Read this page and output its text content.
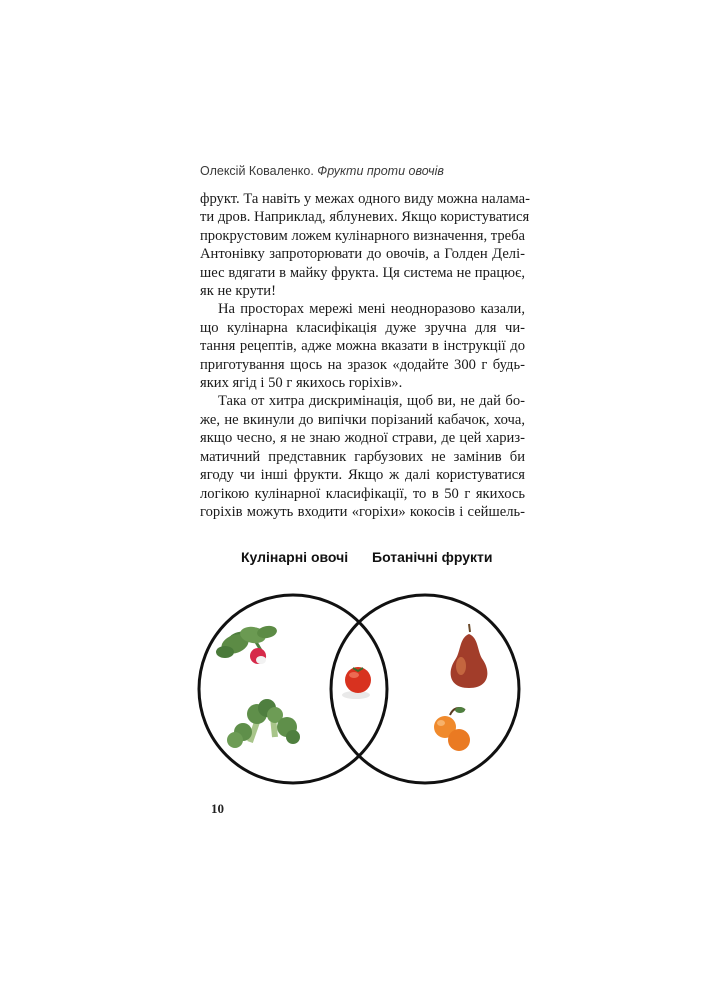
Олексій Коваленко. Фрукти проти овочів
фрукт. Та навіть у межах одного виду можна налама-
ти дров. Наприклад, яблуневих. Якщо користуватися
прокрустовим ложем кулінарного визначення, треба
Антонівку запроторювати до овочів, а Голден Делі-
шес вдягати в майку фрукта. Ця система не працює,
як не крути!
На просторах мережі мені неодноразово казали,
що кулінарна класифікація дуже зручна для чи-
тання рецептів, адже можна вказати в інструкції до
приготування щось на зразок «додайте 300 г будь-
яких ягід і 50 г якихось горіхів».
Така от хитра дискримінація, щоб ви, не дай бо-
же, не вкинули до випічки порізаний кабачок, хоча,
якщо чесно, я не знаю жодної страви, де цей хариз-
матичний представник гарбузових не замінив би
ягоду чи інші фрукти. Якщо ж далі користуватися
логікою кулінарної класифікації, то в 50 г якихось
горіхів можуть входити «горіхи» кокосів і сейшель-
Кулінарні овочі Ботанічні фрукти
10
